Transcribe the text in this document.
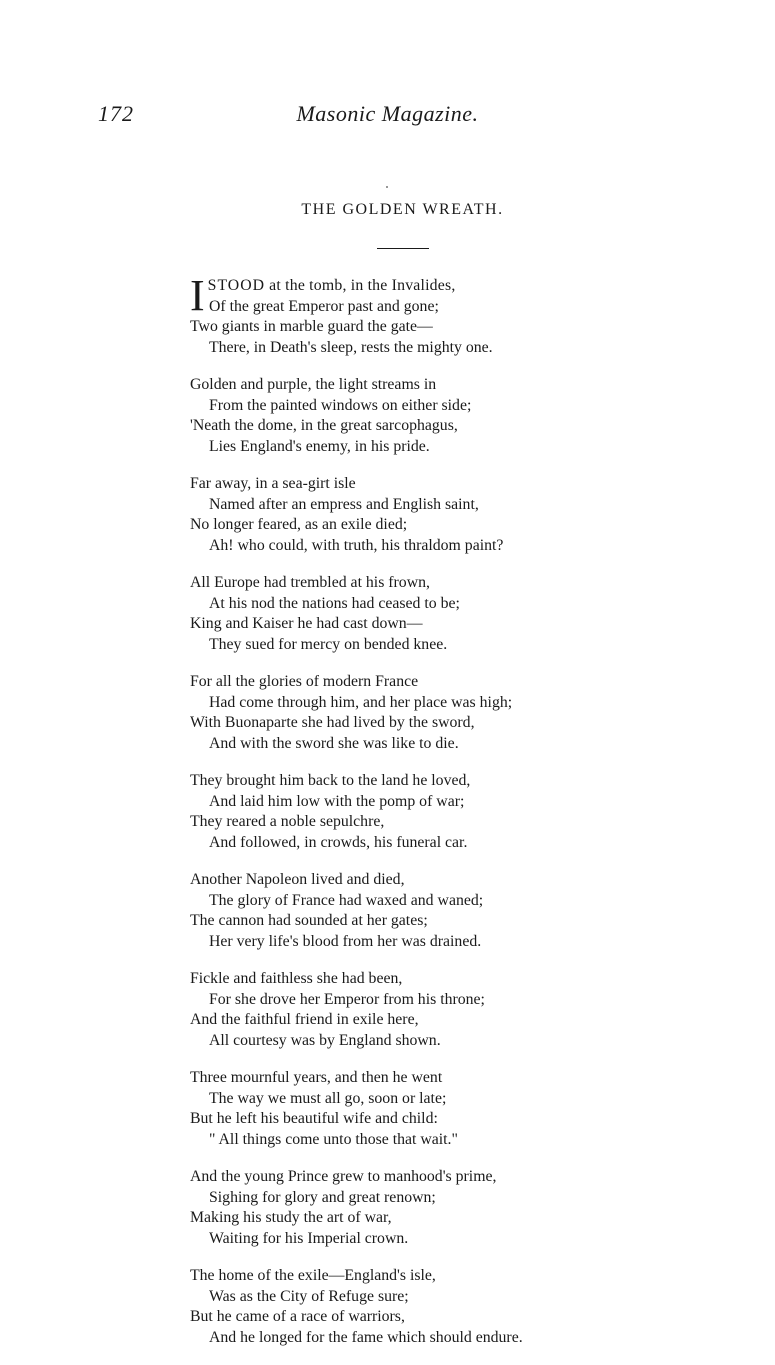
172	Masonic Magazine.
THE GOLDEN WREATH.
ISTOOD at the tomb, in the Invalides,
Of the great Emperor past and gone;
Two giants in marble guard the gate—
There, in Death's sleep, rests the mighty one.
Golden and purple, the light streams in
From the painted windows on either side;
'Neath the dome, in the great sarcophagus,
Lies England's enemy, in his pride.
Far away, in a sea-girt isle
Named after an empress and English saint,
No longer feared, as an exile died;
Ah! who could, with truth, his thraldom paint?
All Europe had trembled at his frown,
At his nod the nations had ceased to be;
King and Kaiser he had cast down—
They sued for mercy on bended knee.
For all the glories of modern France
Had come through him, and her place was high;
With Buonaparte she had lived by the sword,
And with the sword she was like to die.
They brought him back to the land he loved,
And laid him low with the pomp of war;
They reared a noble sepulchre,
And followed, in crowds, his funeral car.
Another Napoleon lived and died,
The glory of France had waxed and waned;
The cannon had sounded at her gates;
Her very life's blood from her was drained.
Fickle and faithless she had been,
For she drove her Emperor from his throne;
And the faithful friend in exile here,
All courtesy was by England shown.
Three mournful years, and then he went
The way we must all go, soon or late;
But he left his beautiful wife and child:
" All things come unto those that wait."
And the young Prince grew to manhood's prime,
Sighing for glory and great renown;
Making his study the art of war,
Waiting for his Imperial crown.
The home of the exile—England's isle,
Was as the City of Refuge sure;
But he came of a race of warriors,
And he longed for the fame which should endure.
